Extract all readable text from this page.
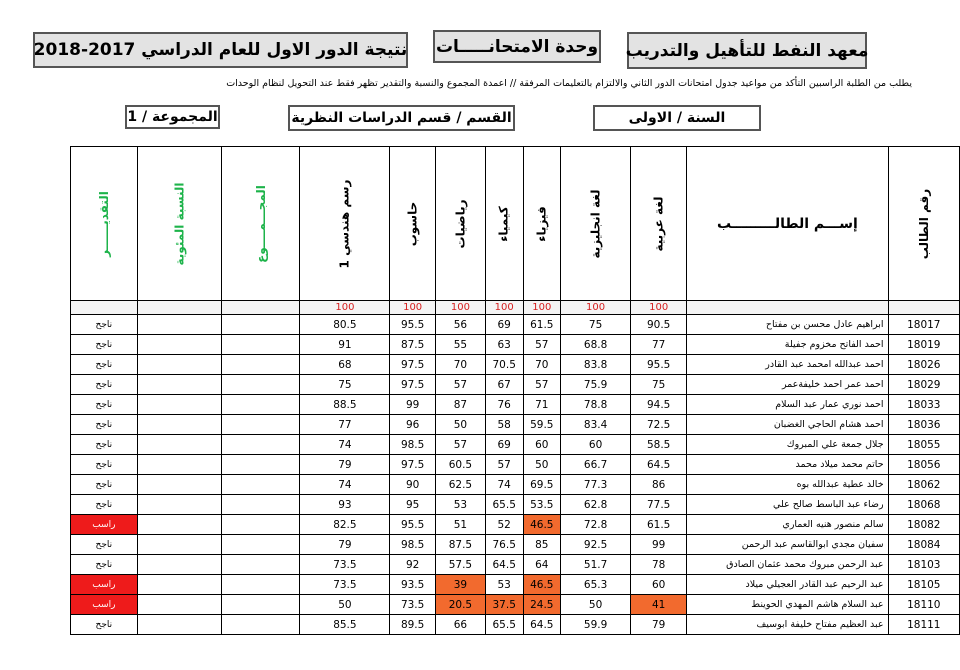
معهد النفط للتأهيل والتدريب
وحدة الامتحانـــــات
نتيجة الدور الاول للعام الدراسي 2017-2018
يطلب من الطلبة الراسبين التأكد من مواعيد جدول امتحانات الدور الثاني والالتزام بالتعليمات المرفقة // اعمدة المجموع والنسبة والتقدير تظهر فقط عند التحويل لنظام الوحدات
السنة / الاولى
القسم / قسم الدراسات النظرية
المجموعة / 1
التقديــــــر	النسبة المئوية	المجـــمــــوع	رسم هندسي 1	حاسوب	رياضيات	كيمياء	فيزياء	لغة انجليزية	لغة عربية	إســـم الطالـــــــــب	رقم الطالب
			100	100	100	100	100	100	100		
ناجح			80.5	95.5	56	69	61.5	75	90.5	ابراهيم عادل محسن بن مفتاح	18017
ناجح			91	87.5	55	63	57	68.8	77	احمد الفاتح مخزوم جفيلة	18019
ناجح			68	97.5	70	70.5	70	83.8	95.5	احمد عبدالله امحمد عبد القادر	18026
ناجح			75	97.5	57	67	57	75.9	75	احمد عمر احمد خليفةعمر	18029
ناجح			88.5	99	87	76	71	78.8	94.5	احمد نوري عمار عبد السلام	18033
ناجح			77	96	50	58	59.5	83.4	72.5	احمد هشام الحاجي الغضبان	18036
ناجح			74	98.5	57	69	60	60	58.5	جلال جمعة علي المبروك	18055
ناجح			79	97.5	60.5	57	50	66.7	64.5	حاتم محمد ميلاد محمد	18056
ناجح			74	90	62.5	74	69.5	77.3	86	خالد عطية عبدالله بوه	18062
ناجح			93	95	53	65.5	53.5	62.8	77.5	رضاء عبد الباسط صالح علي	18068
راسب			82.5	95.5	51	52	46.5	72.8	61.5	سالم منصور هنيه العماري	18082
ناجح			79	98.5	87.5	76.5	85	92.5	99	سفيان مجدي ابوالقاسم عبد الرحمن	18084
ناجح			73.5	92	57.5	64.5	64	51.7	78	عبد الرحمن مبروك محمد عثمان الصادق	18103
راسب			73.5	93.5	39	53	46.5	65.3	60	عبد الرحيم عبد القادر العجيلي ميلاد	18105
راسب			50	73.5	20.5	37.5	24.5	50	41	عبد السلام هاشم المهدي الحوينط	18110
ناجح			85.5	89.5	66	65.5	64.5	59.9	79	عبد العظيم مفتاح خليفة ابوسيف	18111
